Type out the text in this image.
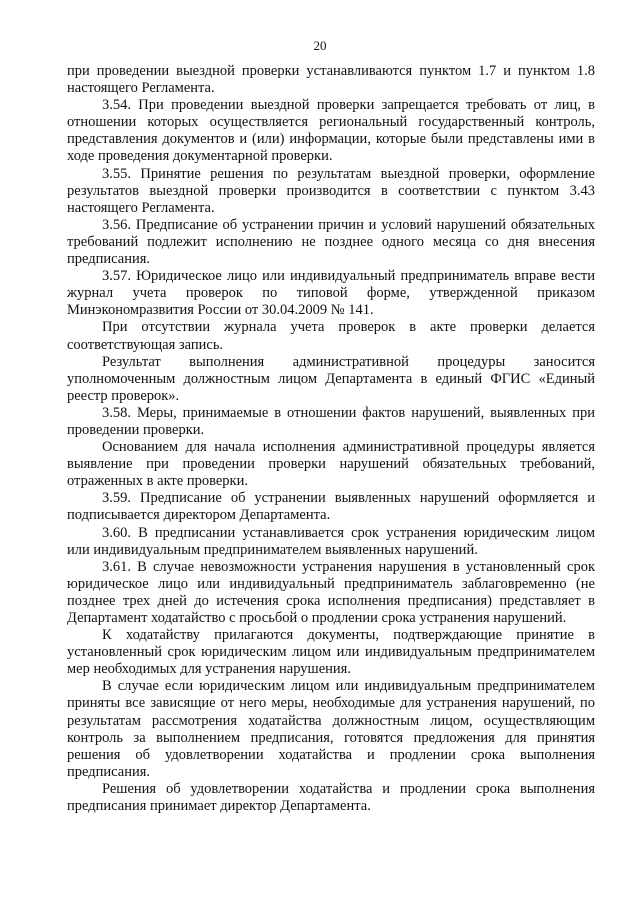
20

при проведении выездной проверки устанавливаются пунктом 1.7 и пунктом 1.8 настоящего Регламента.

3.54. При проведении выездной проверки запрещается требовать от лиц, в отношении которых осуществляется региональный государственный контроль, представления документов и (или) информации, которые были представлены ими в ходе проведения документарной проверки.

3.55. Принятие решения по результатам выездной проверки, оформление результатов выездной проверки производится в соответствии с пунктом 3.43 настоящего Регламента.

3.56. Предписание об устранении причин и условий нарушений обязательных требований подлежит исполнению не позднее одного месяца со дня внесения предписания.

3.57. Юридическое лицо или индивидуальный предприниматель вправе вести журнал учета проверок по типовой форме, утвержденной приказом Минэкономразвития России от 30.04.2009 № 141.

При отсутствии журнала учета проверок в акте проверки делается соответствующая запись.

Результат выполнения административной процедуры заносится уполномоченным должностным лицом Департамента в единый ФГИС «Единый реестр проверок».

3.58. Меры, принимаемые в отношении фактов нарушений, выявленных при проведении проверки.

Основанием для начала исполнения административной процедуры является выявление при проведении проверки нарушений обязательных требований, отраженных в акте проверки.

3.59. Предписание об устранении выявленных нарушений оформляется и подписывается директором Департамента.

3.60. В предписании устанавливается срок устранения юридическим лицом или индивидуальным предпринимателем выявленных нарушений.

3.61. В случае невозможности устранения нарушения в установленный срок юридическое лицо или индивидуальный предприниматель заблаговременно (не позднее трех дней до истечения срока исполнения предписания) представляет в Департамент ходатайство с просьбой о продлении срока устранения нарушений.

К ходатайству прилагаются документы, подтверждающие принятие в установленный срок юридическим лицом или индивидуальным предпринимателем мер необходимых для устранения нарушения.

В случае если юридическим лицом или индивидуальным предпринимателем приняты все зависящие от него меры, необходимые для устранения нарушений, по результатам рассмотрения ходатайства должностным лицом, осуществляющим контроль за выполнением предписания, готовятся предложения для принятия решения об удовлетворении ходатайства и продлении срока выполнения предписания.

Решения об удовлетворении ходатайства и продлении срока выполнения предписания принимает директор Департамента.
